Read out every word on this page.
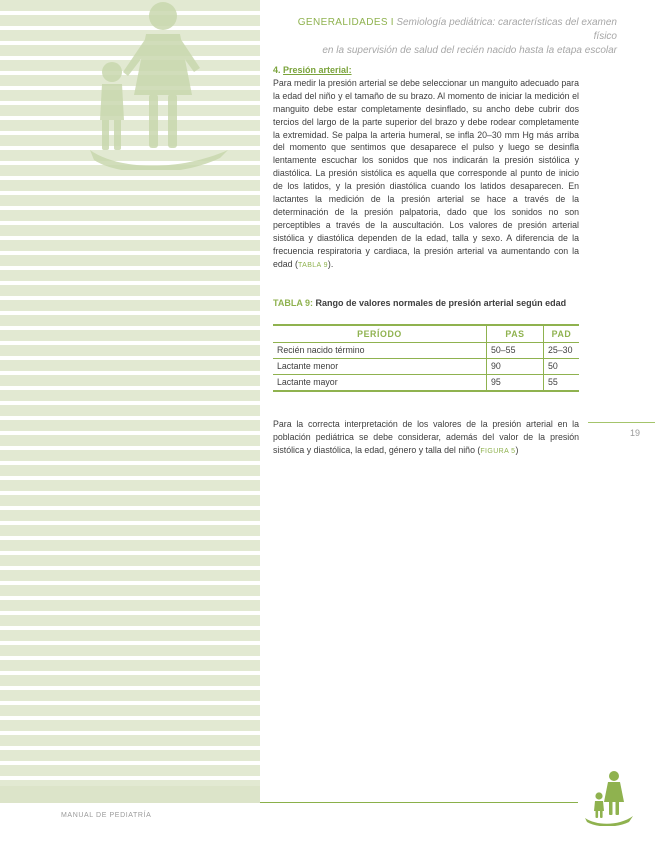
GENERALIDADES I Semiología pediátrica: características del examen físico
en la supervisión de salud del recién nacido hasta la etapa escolar

4. Presión arterial:

Para medir la presión arterial se debe seleccionar un manguito adecuado para la edad del niño y el tamaño de su brazo. Al momento de iniciar la medición el manguito debe estar completamente desinflado, su ancho debe cubrir dos tercios del largo de la parte superior del brazo y debe rodear completamente la extremidad. Se palpa la arteria humeral, se infla 20–30 mm Hg más arriba del momento que sentimos que desaparece el pulso y luego se desinfla lentamente escuchar los sonidos que nos indicarán la presión sistólica y diastólica. La presión sistólica es aquella que corresponde al punto de inicio de los latidos, y la presión diastólica cuando los latidos desaparecen. En lactantes la medición de la presión arterial se hace a través de la determinación de la presión palpatoria, dado que los sonidos no son perceptibles a través de la auscultación. Los valores de presión arterial sistólica y diastólica dependen de la edad, talla y sexo. A diferencia de la frecuencia respiratoria y cardiaca, la presión arterial va aumentando con la edad (TABLA 9).

TABLA 9: Rango de valores normales de presión arterial según edad

PERÍODO	PAS	PAD
Recién nacido término	50–55	25–30
Lactante menor	90	50
Lactante mayor	95	55

Para la correcta interpretación de los valores de la presión arterial en la población pediátrica se debe considerar, además del valor de la presión sistólica y diastólica, la edad, género y talla del niño (FIGURA 5)

19
MANUAL DE PEDIATRÍA
